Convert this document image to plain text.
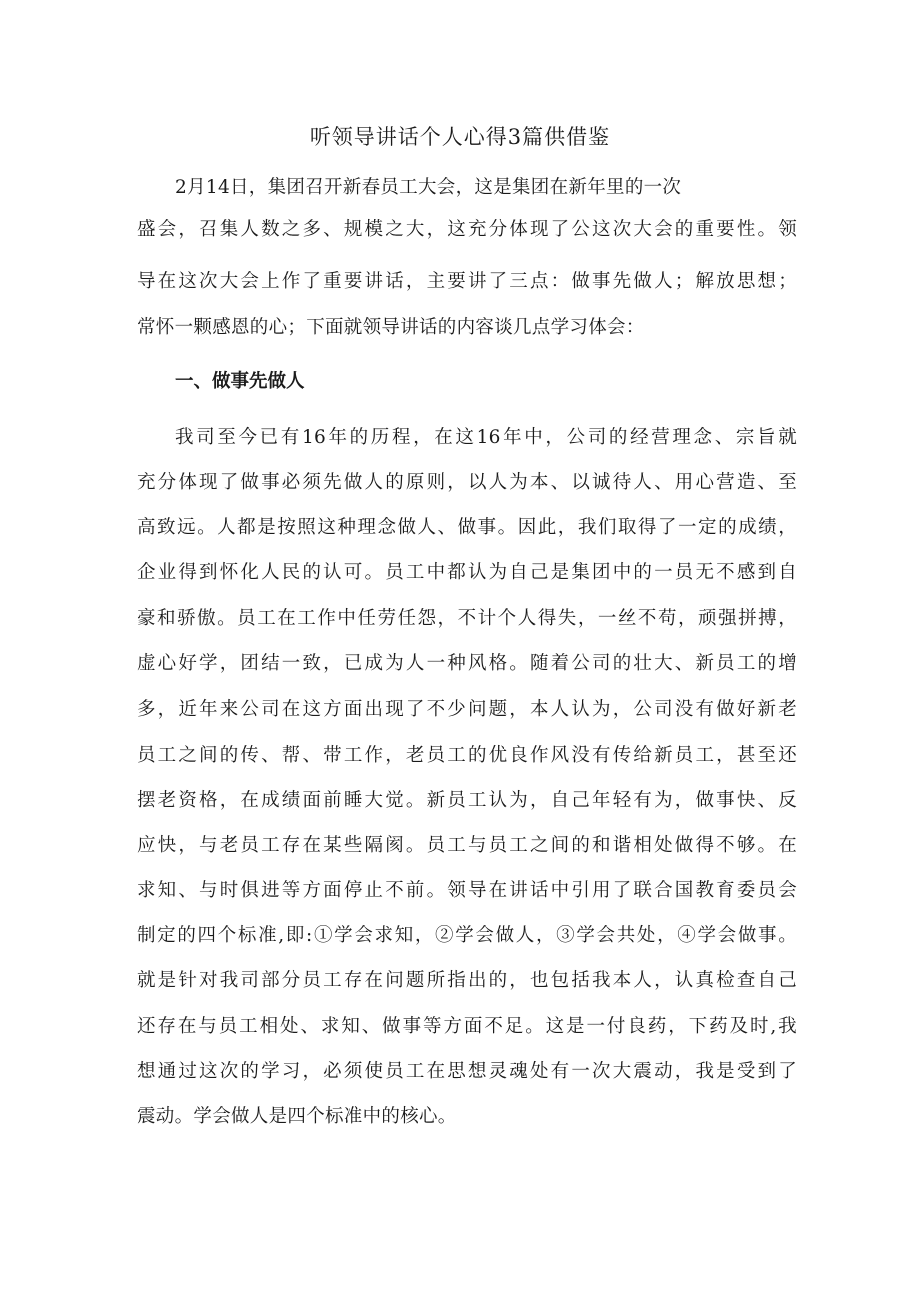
听领导讲话个人心得3篇供借鉴
2月14日，集团召开新春员工大会，这是集团在新年里的一次
盛会，召集人数之多、规模之大，这充分体现了公这次大会的重要性。领
导在这次大会上作了重要讲话，主要讲了三点：做事先做人；解放思想；
常怀一颗感恩的心；下面就领导讲话的内容谈几点学习体会：
一、做事先做人
我司至今已有16年的历程，在这16年中，公司的经营理念、宗旨就
充分体现了做事必须先做人的原则，以人为本、以诚待人、用心营造、至
高致远。人都是按照这种理念做人、做事。因此，我们取得了一定的成绩，
企业得到怀化人民的认可。员工中都认为自己是集团中的一员无不感到自
豪和骄傲。员工在工作中任劳任怨，不计个人得失，一丝不苟，顽强拼搏，
虚心好学，团结一致，已成为人一种风格。随着公司的壮大、新员工的增
多，近年来公司在这方面出现了不少问题，本人认为，公司没有做好新老
员工之间的传、帮、带工作，老员工的优良作风没有传给新员工，甚至还
摆老资格，在成绩面前睡大觉。新员工认为，自己年轻有为，做事快、反
应快，与老员工存在某些隔阂。员工与员工之间的和谐相处做得不够。在
求知、与时俱进等方面停止不前。领导在讲话中引用了联合国教育委员会
制定的四个标准,即:①学会求知，②学会做人，③学会共处，④学会做事。
就是针对我司部分员工存在问题所指出的，也包括我本人，认真检查自己
还存在与员工相处、求知、做事等方面不足。这是一付良药，下药及时,我
想通过这次的学习，必须使员工在思想灵魂处有一次大震动，我是受到了
震动。学会做人是四个标准中的核心。
